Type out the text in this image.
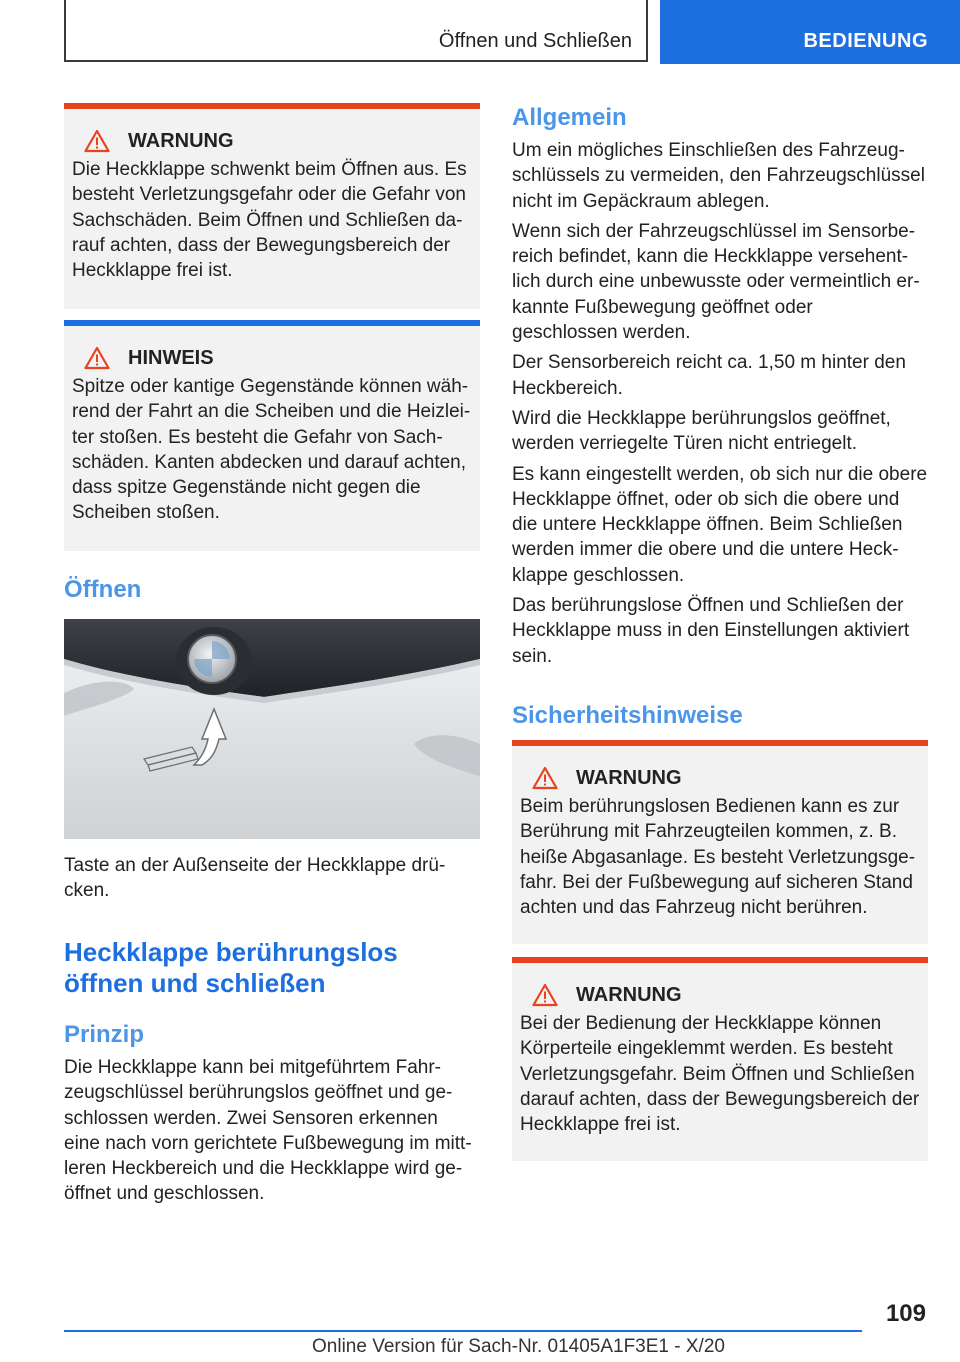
Öffnen und Schließen	BEDIENUNG
WARNUNG
Die Heckklappe schwenkt beim Öffnen aus. Es
besteht Verletzungsgefahr oder die Gefahr von
Sachschäden. Beim Öffnen und Schließen da-
rauf achten, dass der Bewegungsbereich der
Heckklappe frei ist.
HINWEIS
Spitze oder kantige Gegenstände können wäh-
rend der Fahrt an die Scheiben und die Heizlei-
ter stoßen. Es besteht die Gefahr von Sach-
schäden. Kanten abdecken und darauf achten,
dass spitze Gegenstände nicht gegen die
Scheiben stoßen.
Öffnen
Taste an der Außenseite der Heckklappe drü-
cken.
Heckklappe berührungslos
öffnen und schließen
Prinzip
Die Heckklappe kann bei mitgeführtem Fahr-
zeugschlüssel berührungslos geöffnet und ge-
schlossen werden. Zwei Sensoren erkennen
eine nach vorn gerichtete Fußbewegung im mitt-
leren Heckbereich und die Heckklappe wird ge-
öffnet und geschlossen.
Allgemein
Um ein mögliches Einschließen des Fahrzeug-
schlüssels zu vermeiden, den Fahrzeugschlüssel
nicht im Gepäckraum ablegen.
Wenn sich der Fahrzeugschlüssel im Sensorbe-
reich befindet, kann die Heckklappe versehent-
lich durch eine unbewusste oder vermeintlich er-
kannte Fußbewegung geöffnet oder
geschlossen werden.
Der Sensorbereich reicht ca. 1,50 m hinter den
Heckbereich.
Wird die Heckklappe berührungslos geöffnet,
werden verriegelte Türen nicht entriegelt.
Es kann eingestellt werden, ob sich nur die obere
Heckklappe öffnet, oder ob sich die obere und
die untere Heckklappe öffnen. Beim Schließen
werden immer die obere und die untere Heck-
klappe geschlossen.
Das berührungslose Öffnen und Schließen der
Heckklappe muss in den Einstellungen aktiviert
sein.
Sicherheitshinweise
WARNUNG
Beim berührungslosen Bedienen kann es zur
Berührung mit Fahrzeugteilen kommen, z. B.
heiße Abgasanlage. Es besteht Verletzungsge-
fahr. Bei der Fußbewegung auf sicheren Stand
achten und das Fahrzeug nicht berühren.
WARNUNG
Bei der Bedienung der Heckklappe können
Körperteile eingeklemmt werden. Es besteht
Verletzungsgefahr. Beim Öffnen und Schließen
darauf achten, dass der Bewegungsbereich der
Heckklappe frei ist.
109
Online Version für Sach-Nr. 01405A1F3E1 - X/20
